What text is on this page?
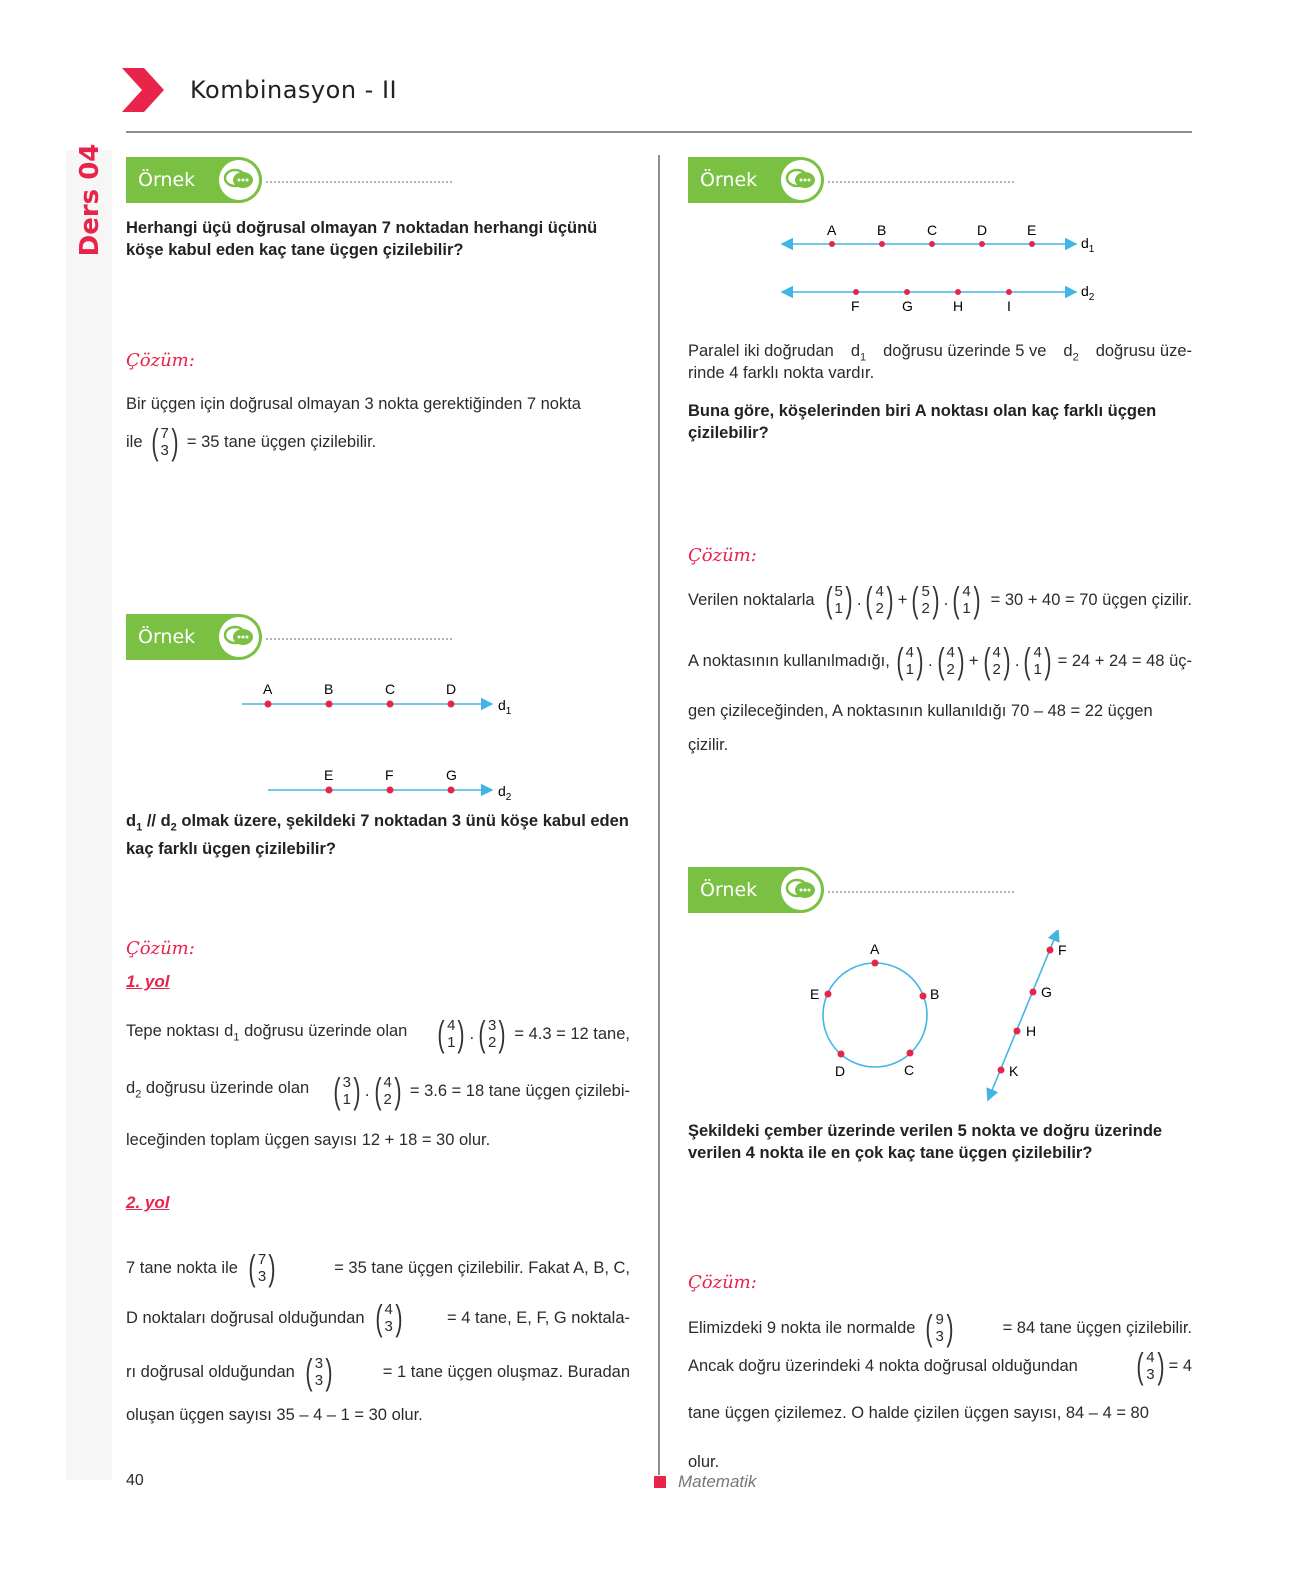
Kombinasyon - II
Ders 04 Örnek
Herhangi üçü doğrusal olmayan 7 noktadan herhangi üçünü köşe kabul eden kaç tane üçgen çizilebilir?
Çözüm:
Bir üçgen için doğrusal olmayan 3 nokta gerektiğinden 7 nokta
ile ( 7
3 ) = 35 tane üçgen çizilebilir.
Örnek
A	B	C	D
E	F	G
$d_1$
$d_2$
$d_1 // d_2$ olmak üzere, şekildeki 7 noktadan 3 ünü köşe kabul eden kaç farklı üçgen çizilebilir?
Çözüm:
1. yol
Tepe noktası $d_1$ doğrusu üzerinde olan ( 4
1 ) . ( 3
2 ) = 4.3 = 12 tane,
$d_2$ doğrusu üzerinde olan ( 3
1 ) . ( 4
2 ) = 3.6 = 18 tane üçgen çizilebi-
leceğinden toplam üçgen sayısı 12 + 18 = 30 olur.
2. yol
7 tane nokta ile ( 7
3 )	= 35 tane üçgen çizilebilir. Fakat A, B, C,
D noktaları doğrusal olduğundan ( 4
3 )	= 4 tane, E, F, G noktala-
rı doğrusal olduğundan ( 3
3 )	= 1 tane üçgen oluşmaz. Buradan
oluşan üçgen sayısı 35 – 4 – 1 = 30 olur.
Örnek
A	B	C	D	E
F	G	H	I
$d_1$
$d_2$
Paralel iki doğrudan $d_1$ doğrusu üzerinde 5 ve $d_2$ doğrusu üze-
rinde 4 farklı nokta vardır.
Buna göre, köşelerinden biri A noktası olan kaç farklı üçgen çizilebilir?
Çözüm:
Verilen noktalarla ( 5
1 ) . ( 4
2 ) + ( 5
2 ) . ( 4
1 ) = 30 + 40 = 70 üçgen çizilir.
A noktasının kullanılmadığı, ( 4
1 ) . ( 4
2 ) + ( 4
2 ) . ( 4
1 ) = 24 + 24 = 48 üç-
gen çizileceğinden, A noktasının kullanıldığı 70 – 48 = 22 üçgen
çizilir.
Örnek
A
B
C
D
E
F
G
H
K
Şekildeki çember üzerinde verilen 5 nokta ve doğru üzerinde verilen 4 nokta ile en çok kaç tane üçgen çizilebilir?
Çözüm:
Elimizdeki 9 nokta ile normalde ( 9
3 )	= 84 tane üçgen çizilebilir.
Ancak doğru üzerindeki 4 nokta doğrusal olduğundan ( 4
3 ) = 4
tane üçgen çizilemez. O halde çizilen üçgen sayısı, 84 – 4 = 80
olur.
40	Matematik
